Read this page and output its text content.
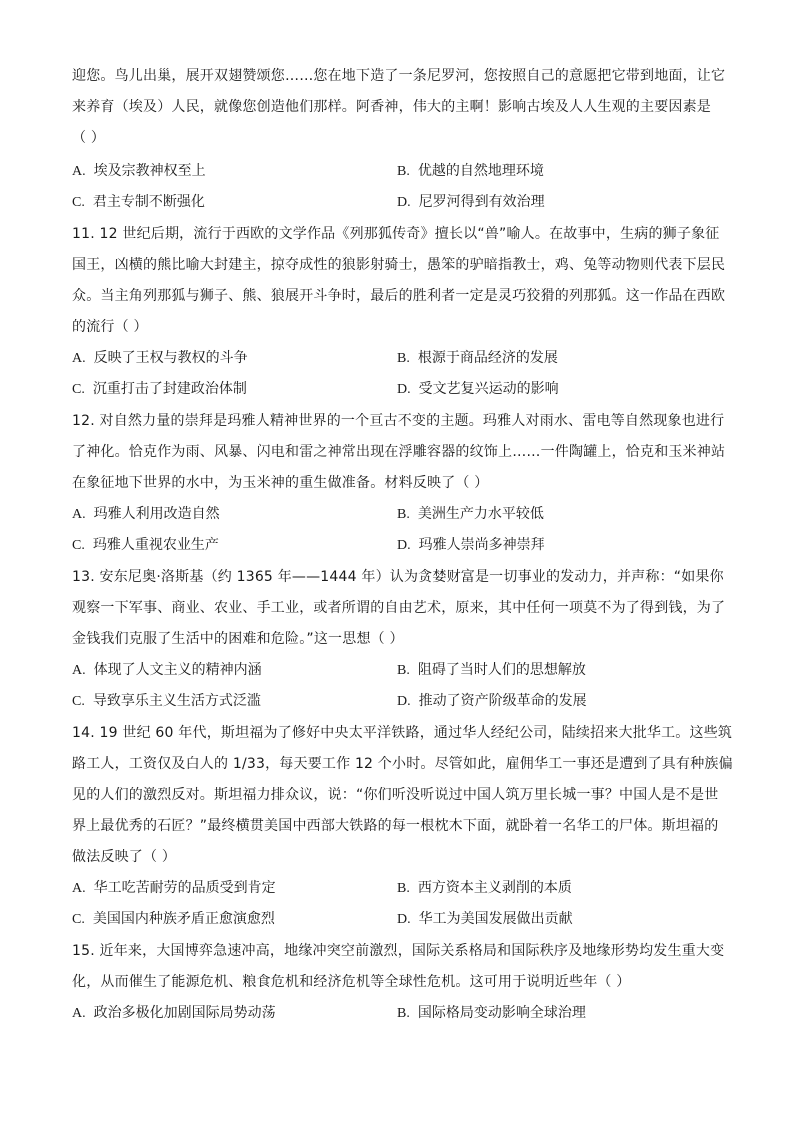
迎您。鸟儿出巢，展开双翅赞颂您……您在地下造了一条尼罗河，您按照自己的意愿把它带到地面，让它
来养育（埃及）人民，就像您创造他们那样。阿香神，伟大的主啊！影响古埃及人人生观的主要因素是
（ ）
A. 埃及宗教神权至上	B. 优越的自然地理环境
C. 君主专制不断强化	D. 尼罗河得到有效治理
11. 12 世纪后期，流行于西欧的文学作品《列那狐传奇》擅长以“兽”喻人。在故事中，生病的狮子象征
国王，凶横的熊比喻大封建主，掠夺成性的狼影射骑士，愚笨的驴暗指教士，鸡、兔等动物则代表下层民
众。当主角列那狐与狮子、熊、狼展开斗争时，最后的胜利者一定是灵巧狡猾的列那狐。这一作品在西欧
的流行（ ）
A. 反映了王权与教权的斗争	B. 根源于商品经济的发展
C. 沉重打击了封建政治体制	D. 受文艺复兴运动的影响
12. 对自然力量的崇拜是玛雅人精神世界的一个亘古不变的主题。玛雅人对雨水、雷电等自然现象也进行
了神化。恰克作为雨、风暴、闪电和雷之神常出现在浮雕容器的纹饰上……一件陶罐上，恰克和玉米神站
在象征地下世界的水中，为玉米神的重生做准备。材料反映了（ ）
A. 玛雅人利用改造自然	B. 美洲生产力水平较低
C. 玛雅人重视农业生产	D. 玛雅人崇尚多神崇拜
13. 安东尼奥·洛斯基（约 1365 年——1444 年）认为贪婪财富是一切事业的发动力，并声称：“如果你
观察一下军事、商业、农业、手工业，或者所谓的自由艺术，原来，其中任何一项莫不为了得到钱，为了
金钱我们克服了生活中的困难和危险。”这一思想（ ）
A. 体现了人文主义的精神内涵	B. 阻碍了当时人们的思想解放
C. 导致享乐主义生活方式泛滥	D. 推动了资产阶级革命的发展
14. 19 世纪 60 年代，斯坦福为了修好中央太平洋铁路，通过华人经纪公司，陆续招来大批华工。这些筑
路工人，工资仅及白人的 1/33，每天要工作 12 个小时。尽管如此，雇佣华工一事还是遭到了具有种族偏
见的人们的激烈反对。斯坦福力排众议，说：“你们听没听说过中国人筑万里长城一事？中国人是不是世
界上最优秀的石匠？”最终横贯美国中西部大铁路的每一根枕木下面，就卧着一名华工的尸体。斯坦福的
做法反映了（ ）
A. 华工吃苦耐劳的品质受到肯定	B. 西方资本主义剥削的本质
C. 美国国内种族矛盾正愈演愈烈	D. 华工为美国发展做出贡献
15. 近年来，大国博弈急速冲高，地缘冲突空前激烈，国际关系格局和国际秩序及地缘形势均发生重大变
化，从而催生了能源危机、粮食危机和经济危机等全球性危机。这可用于说明近些年（ ）
A. 政治多极化加剧国际局势动荡	B. 国际格局变动影响全球治理
